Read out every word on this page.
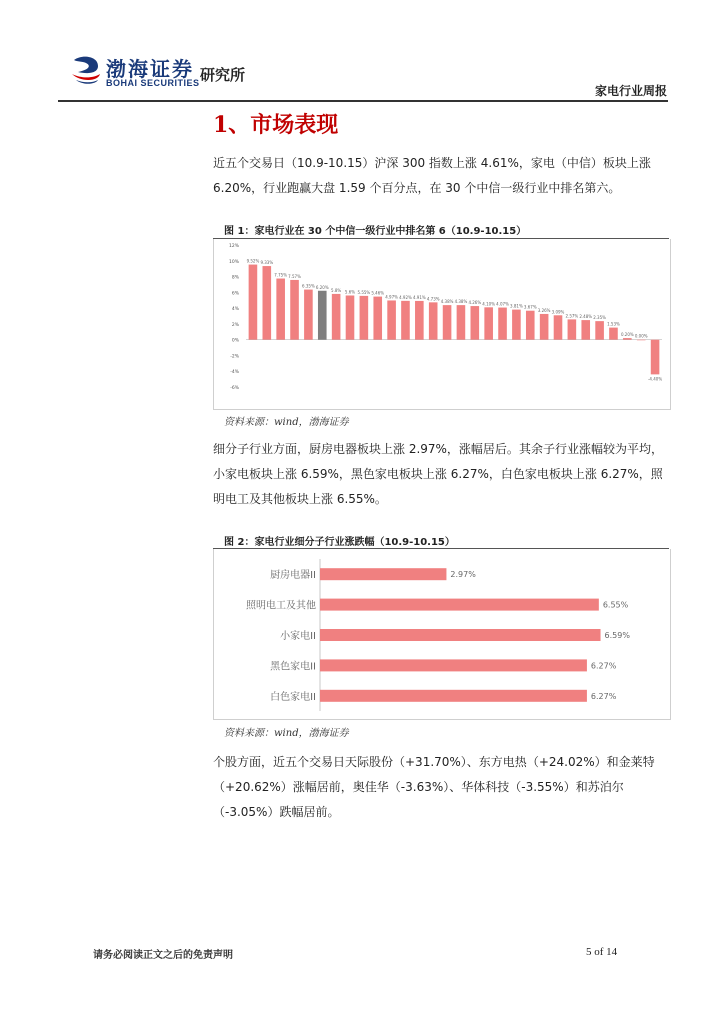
渤海证券
BOHAI SECURITIES 研究所
家电行业周报
1、市场表现
近五个交易日（10.9-10.15）沪深 300 指数上涨 4.61%，家电（中信）板块上涨 6.20%，行业跑赢大盘 1.59 个百分点，在 30 个中信一级行业中排名第六。
图 1：家电行业在 30 个中信一级行业中排名第 6（10.9-10.15）
12%
10%
8%
6%
4%
2%
0%
-2%
-4%
-6%
9.52% 9.33%
7.75% 7.57%
6.35% 6.20%
5.8% 5.6% 5.55% 5.46%
4.97% 4.92% 4.91% 4.73%
4.38% 4.38% 4.26% 4.10% 4.07% 3.81% 3.67%
3.26% 3.09%
2.57% 2.48% 2.35%
1.53%
0.20% 0.00%
-4.40%
资料来源：wind，渤海证券
细分子行业方面，厨房电器板块上涨 2.97%，涨幅居后。其余子行业涨幅较为平均，小家电板块上涨 6.59%，黑色家电板块上涨 6.27%，白色家电板块上涨 6.27%，照明电工及其他板块上涨 6.55%。
图 2：家电行业细分子行业涨跌幅（10.9-10.15）
厨房电器II	2.97%
照明电工及其他	6.55%
小家电II	6.59%
黑色家电II	6.27%
白色家电II	6.27%
资料来源：wind，渤海证券
个股方面，近五个交易日天际股份（+31.70%）、东方电热（+24.02%）和金莱特（+20.62%）涨幅居前，奥佳华（-3.63%）、华体科技（-3.55%）和苏泊尔（-3.05%）跌幅居前。
请务必阅读正文之后的免责声明	5 of 14
